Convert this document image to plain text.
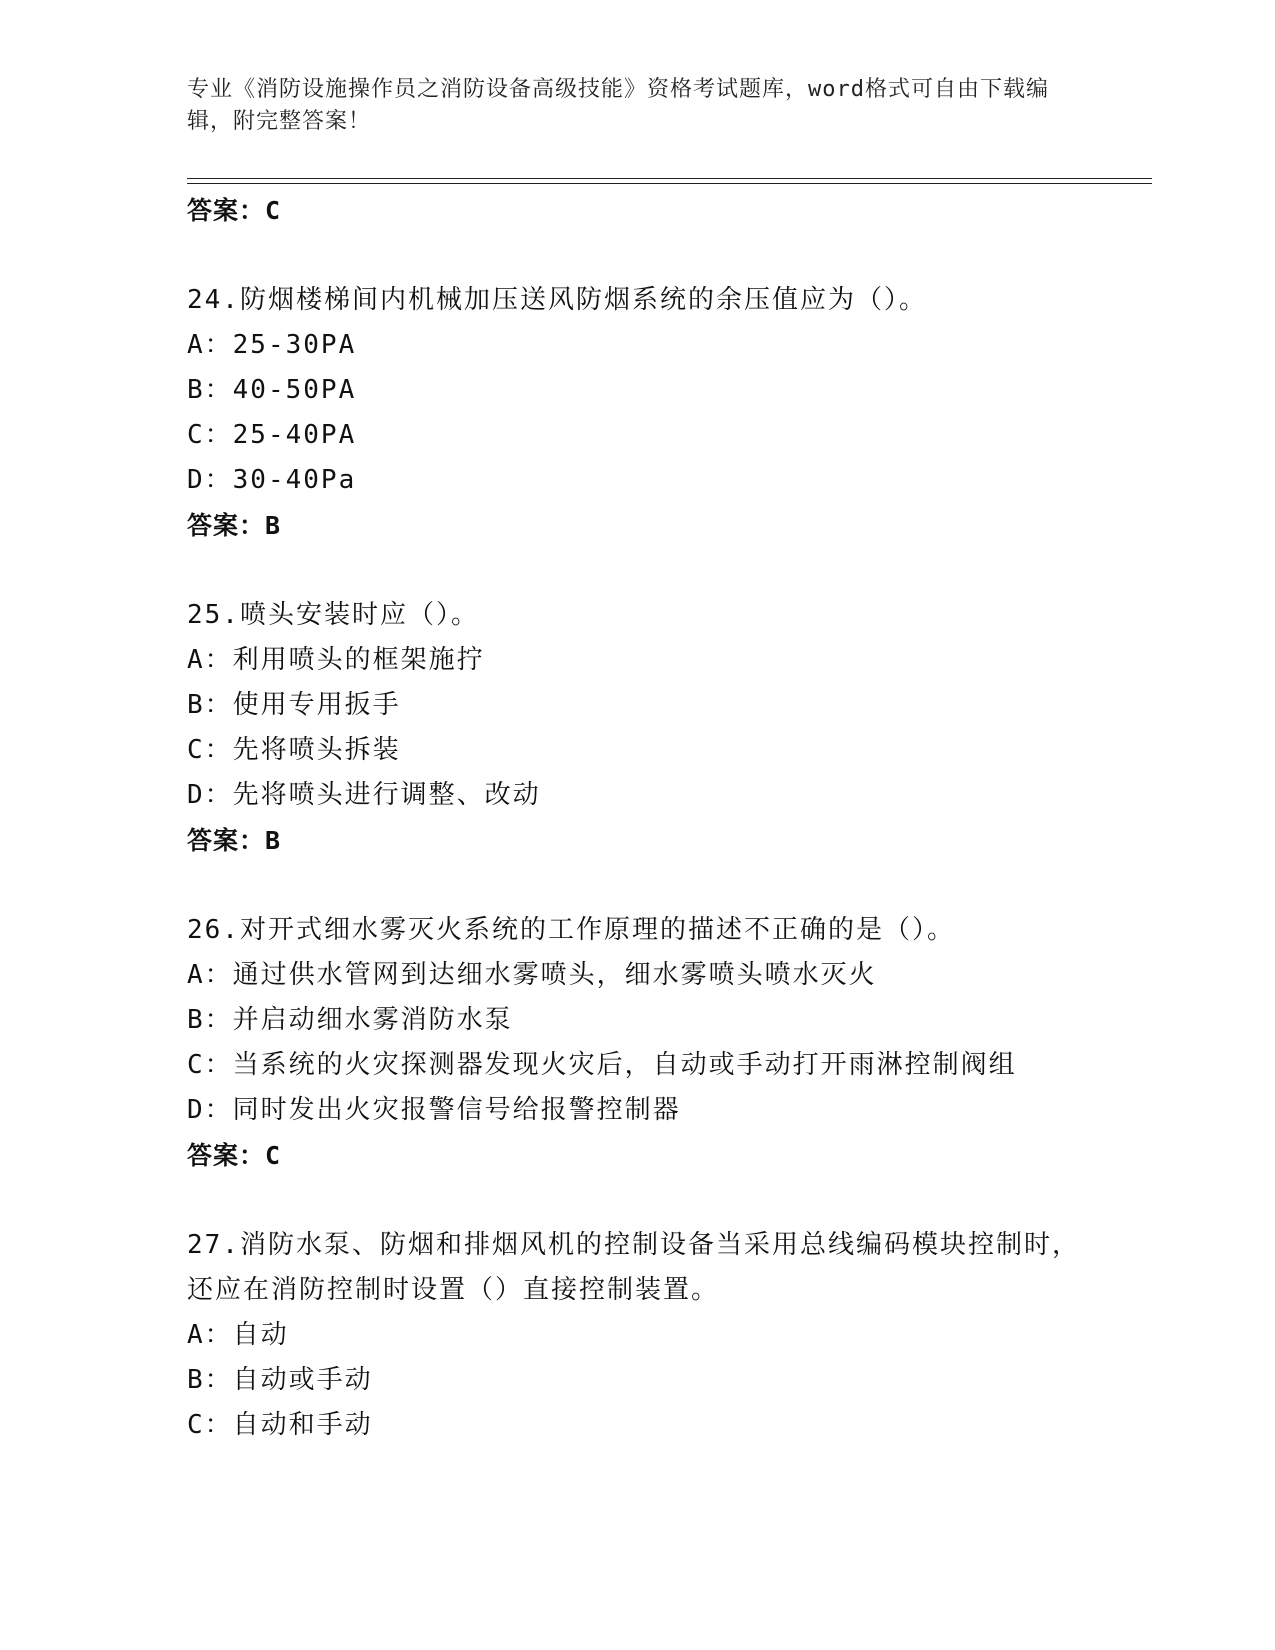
专业《消防设施操作员之消防设备高级技能》资格考试题库，word格式可自由下载编辑，附完整答案！
答案：C
24.防烟楼梯间内机械加压送风防烟系统的余压值应为（）。
A：25-30PA
B：40-50PA
C：25-40PA
D：30-40Pa
答案：B
25.喷头安装时应（）。
A：利用喷头的框架施拧
B：使用专用扳手
C：先将喷头拆装
D：先将喷头进行调整、改动
答案：B
26.对开式细水雾灭火系统的工作原理的描述不正确的是（）。
A：通过供水管网到达细水雾喷头，细水雾喷头喷水灭火
B：并启动细水雾消防水泵
C：当系统的火灾探测器发现火灾后，自动或手动打开雨淋控制阀组
D：同时发出火灾报警信号给报警控制器
答案：C
27.消防水泵、防烟和排烟风机的控制设备当采用总线编码模块控制时，还应在消防控制时设置（）直接控制装置。
A：自动
B：自动或手动
C：自动和手动
